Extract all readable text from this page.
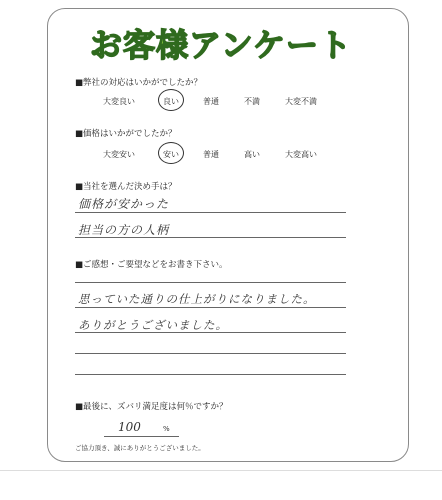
お客様アンケート
■弊社の対応はいかがでしたか？
大変良い	良い	普通	不満	大変不満
■価格はいかがでしたか？
大変安い	安い	普通	高い	大変高い
■当社を選んだ決め手は？
価格が安かった
担当の方の人柄
■ご感想・ご要望などをお書き下さい。
思っていた通りの仕上がりになりました。
ありがとうございました。
■最後に、ズバリ満足度は何％ですか？
100	%
ご協力頂き、誠にありがとうございました。
